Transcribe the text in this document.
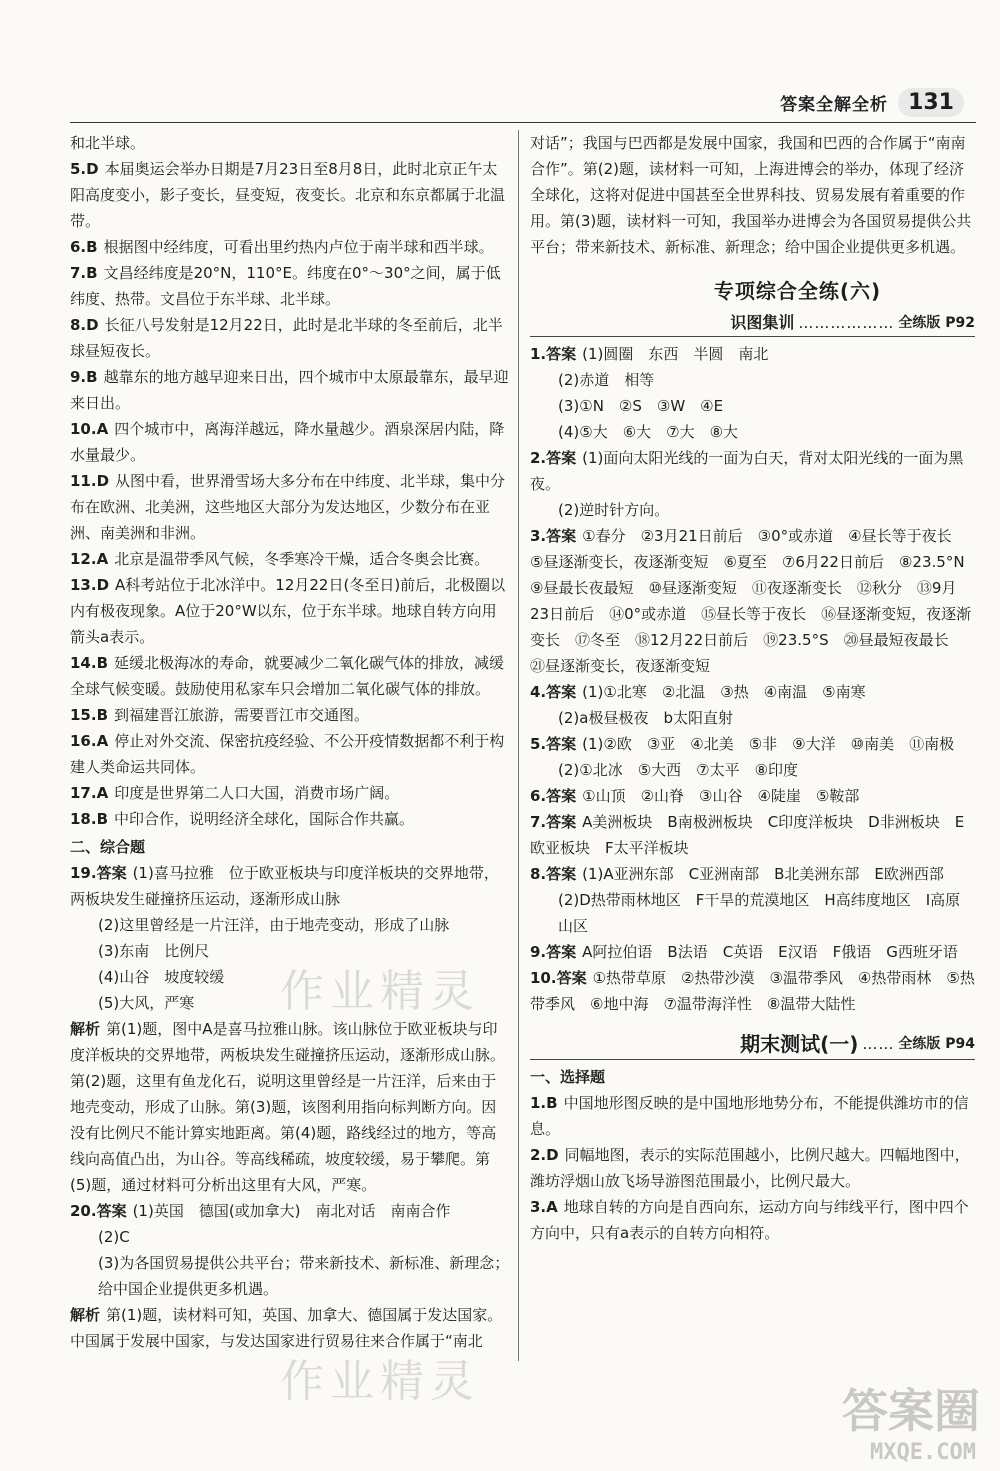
答案全解全析 131
和北半球。
5.D 本届奥运会举办日期是7月23日至8月8日，此时北京正午太阳高度变小，影子变长，昼变短，夜变长。北京和东京都属于北温带。
6.B 根据图中经纬度，可看出里约热内卢位于南半球和西半球。
7.B 文昌经纬度是20°N，110°E。纬度在0°～30°之间，属于低纬度、热带。文昌位于东半球、北半球。
8.D 长征八号发射是12月22日，此时是北半球的冬至前后，北半球昼短夜长。
9.B 越靠东的地方越早迎来日出，四个城市中太原最靠东，最早迎来日出。
10.A 四个城市中，离海洋越远，降水量越少。酒泉深居内陆，降水量最少。
11.D 从图中看，世界滑雪场大多分布在中纬度、北半球，集中分布在欧洲、北美洲，这些地区大部分为发达地区，少数分布在亚洲、南美洲和非洲。
12.A 北京是温带季风气候，冬季寒冷干燥，适合冬奥会比赛。
13.D A科考站位于北冰洋中。12月22日(冬至日)前后，北极圈以内有极夜现象。A位于20°W以东，位于东半球。地球自转方向用箭头a表示。
14.B 延缓北极海冰的寿命，就要减少二氧化碳气体的排放，减缓全球气候变暖。鼓励使用私家车只会增加二氧化碳气体的排放。
15.B 到福建晋江旅游，需要晋江市交通图。
16.A 停止对外交流、保密抗疫经验、不公开疫情数据都不利于构建人类命运共同体。
17.A 印度是世界第二人口大国，消费市场广阔。
18.B 中印合作，说明经济全球化，国际合作共赢。
二、综合题
19.答案 (1)喜马拉雅　位于欧亚板块与印度洋板块的交界地带，两板块发生碰撞挤压运动，逐渐形成山脉
(2)这里曾经是一片汪洋，由于地壳变动，形成了山脉
(3)东南　比例尺
(4)山谷　坡度较缓
(5)大风，严寒
解析 第(1)题，图中A是喜马拉雅山脉。该山脉位于欧亚板块与印度洋板块的交界地带，两板块发生碰撞挤压运动，逐渐形成山脉。第(2)题，这里有鱼龙化石，说明这里曾经是一片汪洋，后来由于地壳变动，形成了山脉。第(3)题，该图利用指向标判断方向。因没有比例尺不能计算实地距离。第(4)题，路线经过的地方，等高线向高值凸出，为山谷。等高线稀疏，坡度较缓，易于攀爬。第(5)题，通过材料可分析出这里有大风，严寒。
20.答案 (1)英国　德国(或加拿大)　南北对话　南南合作
(2)C
(3)为各国贸易提供公共平台；带来新技术、新标准、新理念；给中国企业提供更多机遇。
解析 第(1)题，读材料可知，英国、加拿大、德国属于发达国家。中国属于发展中国家，与发达国家进行贸易往来合作属于“南北
对话”；我国与巴西都是发展中国家，我国和巴西的合作属于“南南合作”。第(2)题，读材料一可知，上海进博会的举办，体现了经济全球化，这将对促进中国甚至全世界科技、贸易发展有着重要的作用。第(3)题，读材料一可知，我国举办进博会为各国贸易提供公共平台；带来新技术、新标准、新理念；给中国企业提供更多机遇。
专项综合全练(六)
识图集训 ……………… 全练版 P92
1.答案 (1)圆圈　东西　半圆　南北
(2)赤道　相等
(3)①N　②S　③W　④E
(4)⑤大　⑥大　⑦大　⑧大
2.答案 (1)面向太阳光线的一面为白天，背对太阳光线的一面为黑夜。
(2)逆时针方向。
3.答案 ①春分　②3月21日前后　③0°或赤道　④昼长等于夜长　⑤昼逐渐变长，夜逐渐变短　⑥夏至　⑦6月22日前后　⑧23.5°N　⑨昼最长夜最短　⑩昼逐渐变短　⑪夜逐渐变长　⑫秋分　⑬9月23日前后　⑭0°或赤道　⑮昼长等于夜长　⑯昼逐渐变短，夜逐渐变长　⑰冬至　⑱12月22日前后　⑲23.5°S　⑳昼最短夜最长　㉑昼逐渐变长，夜逐渐变短
4.答案 (1)①北寒　②北温　③热　④南温　⑤南寒
(2)a极昼极夜　b太阳直射
5.答案 (1)②欧　③亚　④北美　⑤非　⑨大洋　⑩南美　⑪南极
(2)①北冰　⑤大西　⑦太平　⑧印度
6.答案 ①山顶　②山脊　③山谷　④陡崖　⑤鞍部
7.答案 A美洲板块　B南极洲板块　C印度洋板块　D非洲板块　E欧亚板块　F太平洋板块
8.答案 (1)A亚洲东部　C亚洲南部　B北美洲东部　E欧洲西部
(2)D热带雨林地区　F干旱的荒漠地区　H高纬度地区　I高原山区
9.答案 A阿拉伯语　B法语　C英语　E汉语　F俄语　G西班牙语
10.答案 ①热带草原　②热带沙漠　③温带季风　④热带雨林　⑤热带季风　⑥地中海　⑦温带海洋性　⑧温带大陆性
期末测试(一) …… 全练版 P94
一、选择题
1.B 中国地形图反映的是中国地形地势分布，不能提供潍坊市的信息。
2.D 同幅地图，表示的实际范围越小，比例尺越大。四幅地图中，潍坊浮烟山放飞场导游图范围最小，比例尺最大。
3.A 地球自转的方向是自西向东，运动方向与纬线平行，图中四个方向中，只有a表示的自转方向相符。
作业精灵
作业精灵
答案圈
MXQE.COM
